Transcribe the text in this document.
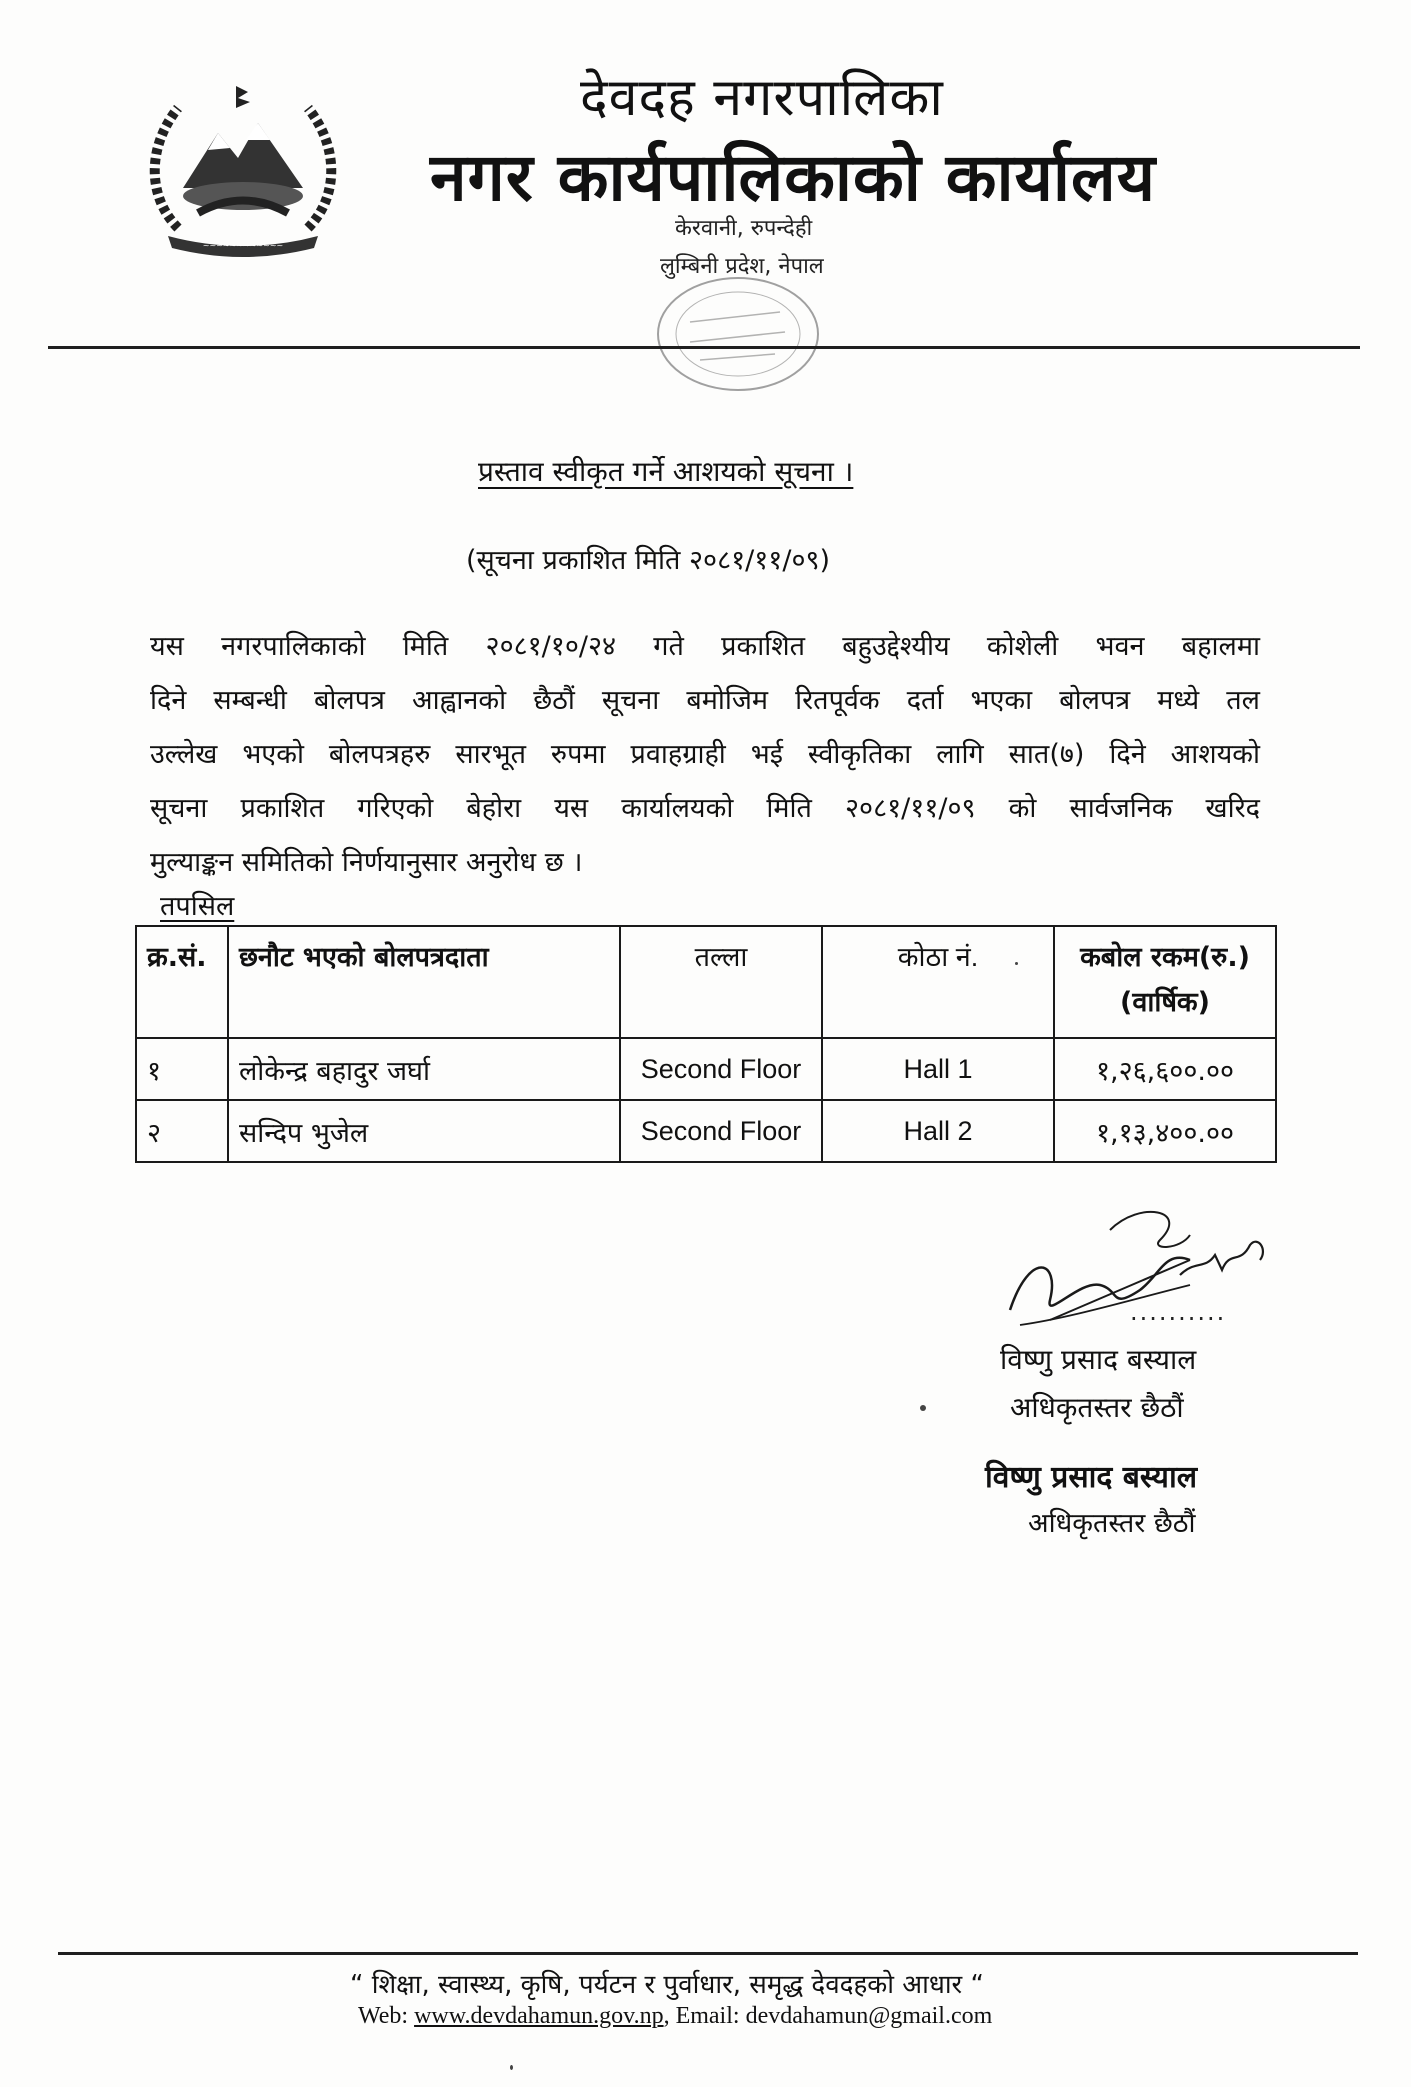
~~~~~~~~~~~~
देवदह नगरपालिका
नगर कार्यपालिकाको कार्यालय
केरवानी, रुपन्देही
लुम्बिनी प्रदेश, नेपाल
प्रस्ताव स्वीकृत गर्ने आशयको सूचना ।
(सूचना प्रकाशित मिति २०८१/११/०९)
यस नगरपालिकाको मिति २०८१/१०/२४ गते प्रकाशित बहुउद्देश्यीय कोशेली भवन बहालमा
दिने सम्बन्धी बोलपत्र आह्वानको छैठौं सूचना बमोजिम रितपूर्वक दर्ता भएका बोलपत्र मध्ये तल
उल्लेख भएको बोलपत्रहरु सारभूत रुपमा प्रवाहग्राही भई स्वीकृतिका लागि सात(७) दिने आशयको
सूचना प्रकाशित गरिएको बेहोरा यस कार्यालयको मिति २०८१/११/०९ को सार्वजनिक खरिद
मुल्याङ्कन समितिको निर्णयानुसार अनुरोध छ ।
तपसिल
क्र.सं.	छनौट भएको बोलपत्रदाता	तल्ला	कोठा नं.	कबोल रकम(रु.)
(वार्षिक)

१	लोकेन्द्र बहादुर जर्घा	Second Floor	Hall 1	१,२६,६००.००
२	सन्दिप भुजेल	Second Floor	Hall 2	१,१३,४००.००
..........
विष्णु प्रसाद बस्याल
अधिकृतस्तर छैठौं
विष्णु प्रसाद बस्याल
अधिकृतस्तर छैठौं
“ शिक्षा, स्वास्थ्य, कृषि, पर्यटन र पुर्वाधार, समृद्ध देवदहको आधार “
Web: www.devdahamun.gov.np, Email: devdahamun@gmail.com
